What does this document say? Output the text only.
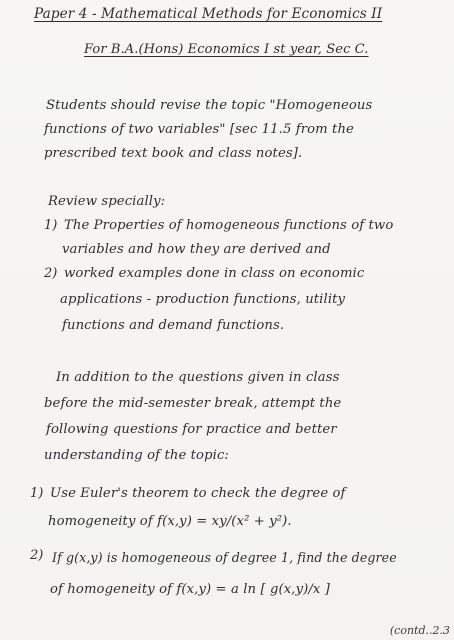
Paper 4 - Mathematical Methods for Economics II
For B.A.(Hons) Economics I st year, Sec C.
Students should revise the topic "Homogeneous
functions of two variables" [sec 11.5 from the
prescribed text book and class notes].
Review specially:
1) The Properties of homogeneous functions of two
variables and how they are derived and
2) worked examples done in class on economic
applications - production functions, utility
functions and demand functions.
In addition to the questions given in class
before the mid-semester break, attempt the
following questions for practice and better
understanding of the topic:
1) Use Euler's theorem to check the degree of
homogeneity of f(x,y) = xy/(x² + y²).
2) If g(x,y) is homogeneous of degree 1, find the degree
of homogeneity of f(x,y) = a ln [ g(x,y)/x ]
(contd..2.3
